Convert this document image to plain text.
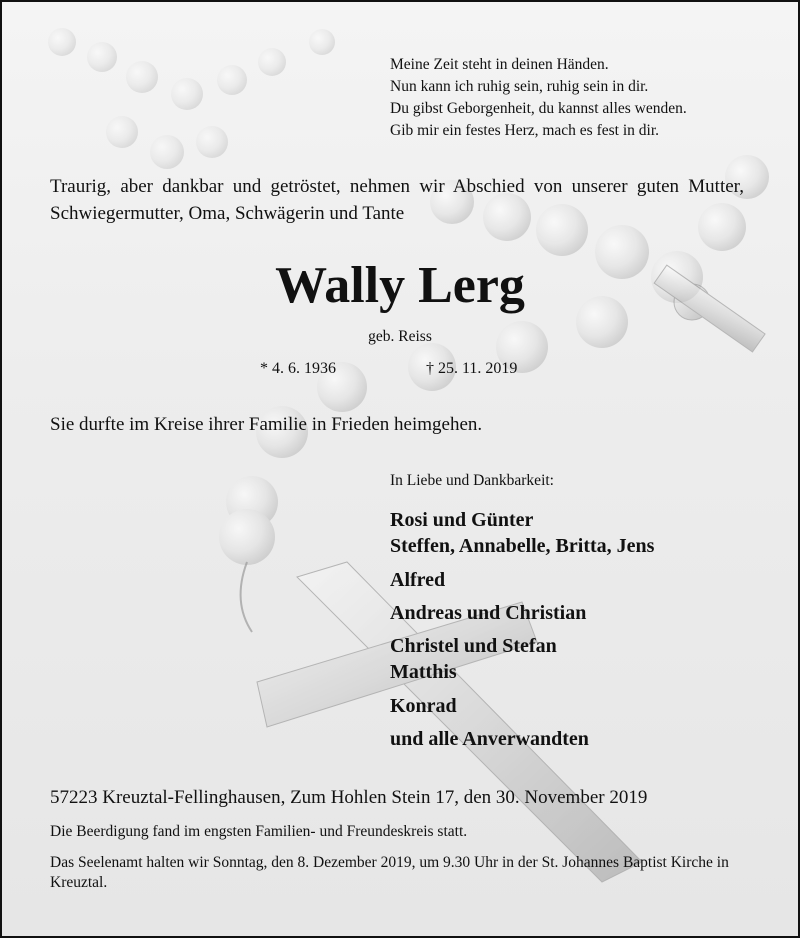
Meine Zeit steht in deinen Händen.
Nun kann ich ruhig sein, ruhig sein in dir.
Du gibst Geborgenheit, du kannst alles wenden.
Gib mir ein festes Herz, mach es fest in dir.
Traurig, aber dankbar und getröstet, nehmen wir Abschied von unserer guten Mutter, Schwiegermutter, Oma, Schwägerin und Tante
Wally Lerg
geb. Reiss
* 4. 6. 1936	† 25. 11. 2019
Sie durfte im Kreise ihrer Familie in Frieden heimgehen.
In Liebe und Dankbarkeit:
Rosi und Günter
Steffen, Annabelle, Britta, Jens
Alfred
Andreas und Christian
Christel und Stefan
Matthis
Konrad
und alle Anverwandten
57223 Kreuztal-Fellinghausen, Zum Hohlen Stein 17, den 30. November 2019
Die Beerdigung fand im engsten Familien- und Freundeskreis statt.
Das Seelenamt halten wir Sonntag, den 8. Dezember 2019, um 9.30 Uhr in der St. Johannes Baptist Kirche in Kreuztal.
